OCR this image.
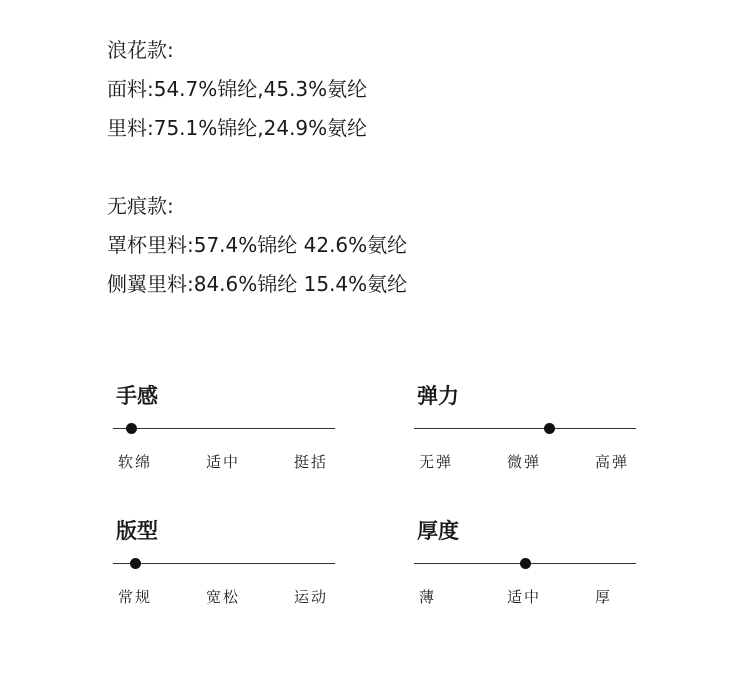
浪花款:
面料:54.7%锦纶,45.3%氨纶
里料:75.1%锦纶,24.9%氨纶
无痕款:
罩杯里料:57.4%锦纶 42.6%氨纶
侧翼里料:84.6%锦纶 15.4%氨纶
手感
软绵	适中	挺括
弹力
无弹	微弹	高弹
版型
常规	宽松	运动
厚度
薄	适中	厚
